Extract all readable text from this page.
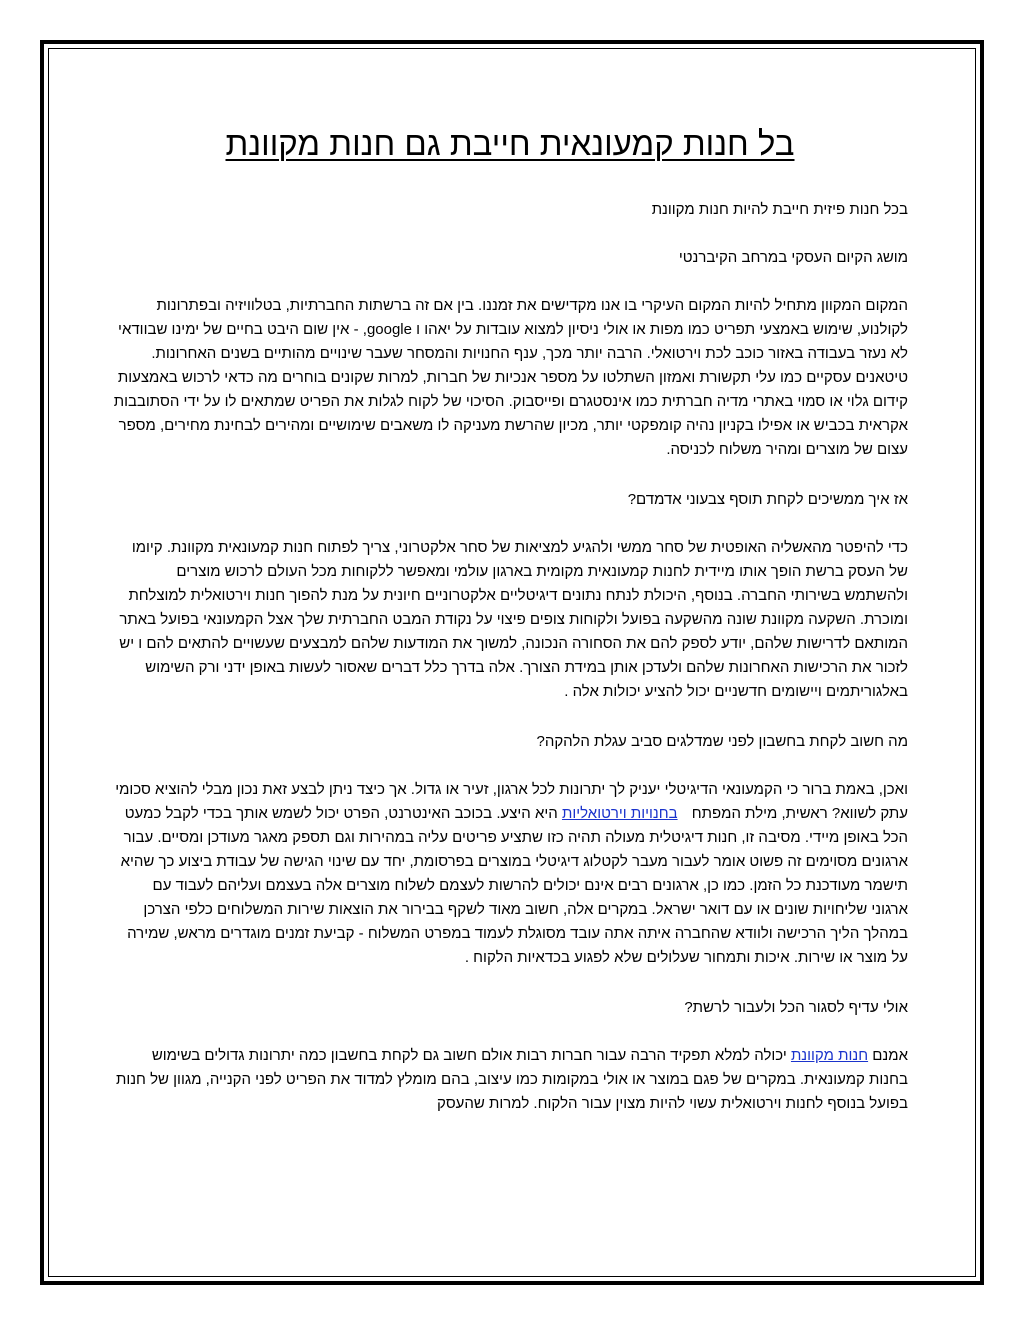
בל חנות קמעונאית חייבת גם חנות מקוונת
בכל חנות פיזית חייבת להיות חנות מקוונת
מושג הקיום העסקי במרחב הקיברנטי

המקום המקוון מתחיל להיות המקום העיקרי בו אנו מקדישים את זמננו. בין אם זה ברשתות החברתיות, בטלוויזיה ובפתרונות לקולנוע, שימוש באמצעי תפריט כמו מפות או אולי ניסיון למצוא עובדות על יאהו ו google, - אין שום היבט בחיים של ימינו שבוודאי לא נעזר בעבודה באזור כוכב לכת וירטואלי. הרבה יותר מכך, ענף החנויות והמסחר שעבר שינויים מהותיים בשנים האחרונות. טיטאנים עסקיים כמו עלי תקשורת ואמזון השתלטו על מספר אנכיות של חברות, למרות שקונים בוחרים מה כדאי לרכוש באמצעות קידום גלוי או סמוי באתרי מדיה חברתית כמו אינסטגרם ופייסבוק. הסיכוי של לקוח לגלות את הפריט שמתאים לו על ידי הסתובבות אקראית בכביש או אפילו בקניון נהיה קומפקטי יותר, מכיון שהרשת מעניקה לו משאבים שימושיים ומהירים לבחינת מחירים, מספר עצום של מוצרים ומהיר משלוח לכניסה.

אז איך ממשיכים לקחת תוסף צבעוני אדמדם?

כדי להיפטר מהאשליה האופטית של סחר ממשי ולהגיע למציאות של סחר אלקטרוני, צריך לפתוח חנות קמעונאית מקוונת. קיומו של העסק ברשת הופך אותו מיידית לחנות קמעונאית מקומית בארגון עולמי ומאפשר ללקוחות מכל העולם לרכוש מוצרים ולהשתמש בשירותי החברה. בנוסף, היכולת לנתח נתונים דיגיטליים אלקטרוניים חיונית על מנת להפוך חנות וירטואלית למוצלחת ומוכרת. השקעה מקוונת שונה מהשקעה בפועל ולקוחות צופים פיצוי על נקודת המבט החברתית שלך אצל הקמעונאי בפועל באתר המותאם לדרישות שלהם, יודע לספק להם את הסחורה הנכונה, למשוך את המודעות שלהם למבצעים שעשויים להתאים להם ו יש לזכור את הרכישות האחרונות שלהם ולעדכן אותן במידת הצורך. אלה בדרך כלל דברים שאסור לעשות באופן ידני ורק השימוש באלגוריתמים ויישומים חדשניים יכול להציע יכולות אלה .

מה חשוב לקחת בחשבון לפני שמדלגים סביב עגלת הלהקה?

ואכן, באמת ברור כי הקמעונאי הדיגיטלי יעניק לך יתרונות לכל ארגון, זעיר או גדול. אך כיצד ניתן לבצע זאת נכון מבלי להוציא סכומי עתק לשווא? ראשית, מילת המפתח בחנויות וירטואליות היא היצע. בכוכב האינטרנט, הפרט יכול לשמש אותך בכדי לקבל כמעט הכל באופן מיידי. מסיבה זו, חנות דיגיטלית מעולה תהיה כזו שתציע פריטים עליה במהירות וגם תספק מאגר מעודכן ומסיים. עבור ארגונים מסוימים זה פשוט אומר לעבור מעבר לקטלוג דיגיטלי במוצרים בפרסומת, יחד עם שינוי הגישה של עבודת ביצוע כך שהיא תישמר מעודכנת כל הזמן. כמו כן, ארגונים רבים אינם יכולים להרשות לעצמם לשלוח מוצרים אלה בעצמם ועליהם לעבוד עם ארגוני שליחויות שונים או עם דואר ישראל. במקרים אלה, חשוב מאוד לשקף בבירור את הוצאות שירות המשלוחים כלפי הצרכן במהלך הליך הרכישה ולוודא שהחברה איתה אתה עובד מסוגלת לעמוד במפרט המשלוח - קביעת זמנים מוגדרים מראש, שמירה על מוצר או שירות. איכות ותמחור שעלולים שלא לפגוע בכדאיות הלקוח .

אולי עדיף לסגור הכל ולעבור לרשת?

אמנם חנות מקוונת יכולה למלא תפקיד הרבה עבור חברות רבות אולם חשוב גם לקחת בחשבון כמה יתרונות גדולים בשימוש בחנות קמעונאית. במקרים של פגם במוצר או אולי במקומות כמו עיצוב, בהם מומלץ למדוד את הפריט לפני הקנייה, מגוון של חנות בפועל בנוסף לחנות וירטואלית עשוי להיות מצוין עבור הלקוח. למרות שהעסק
